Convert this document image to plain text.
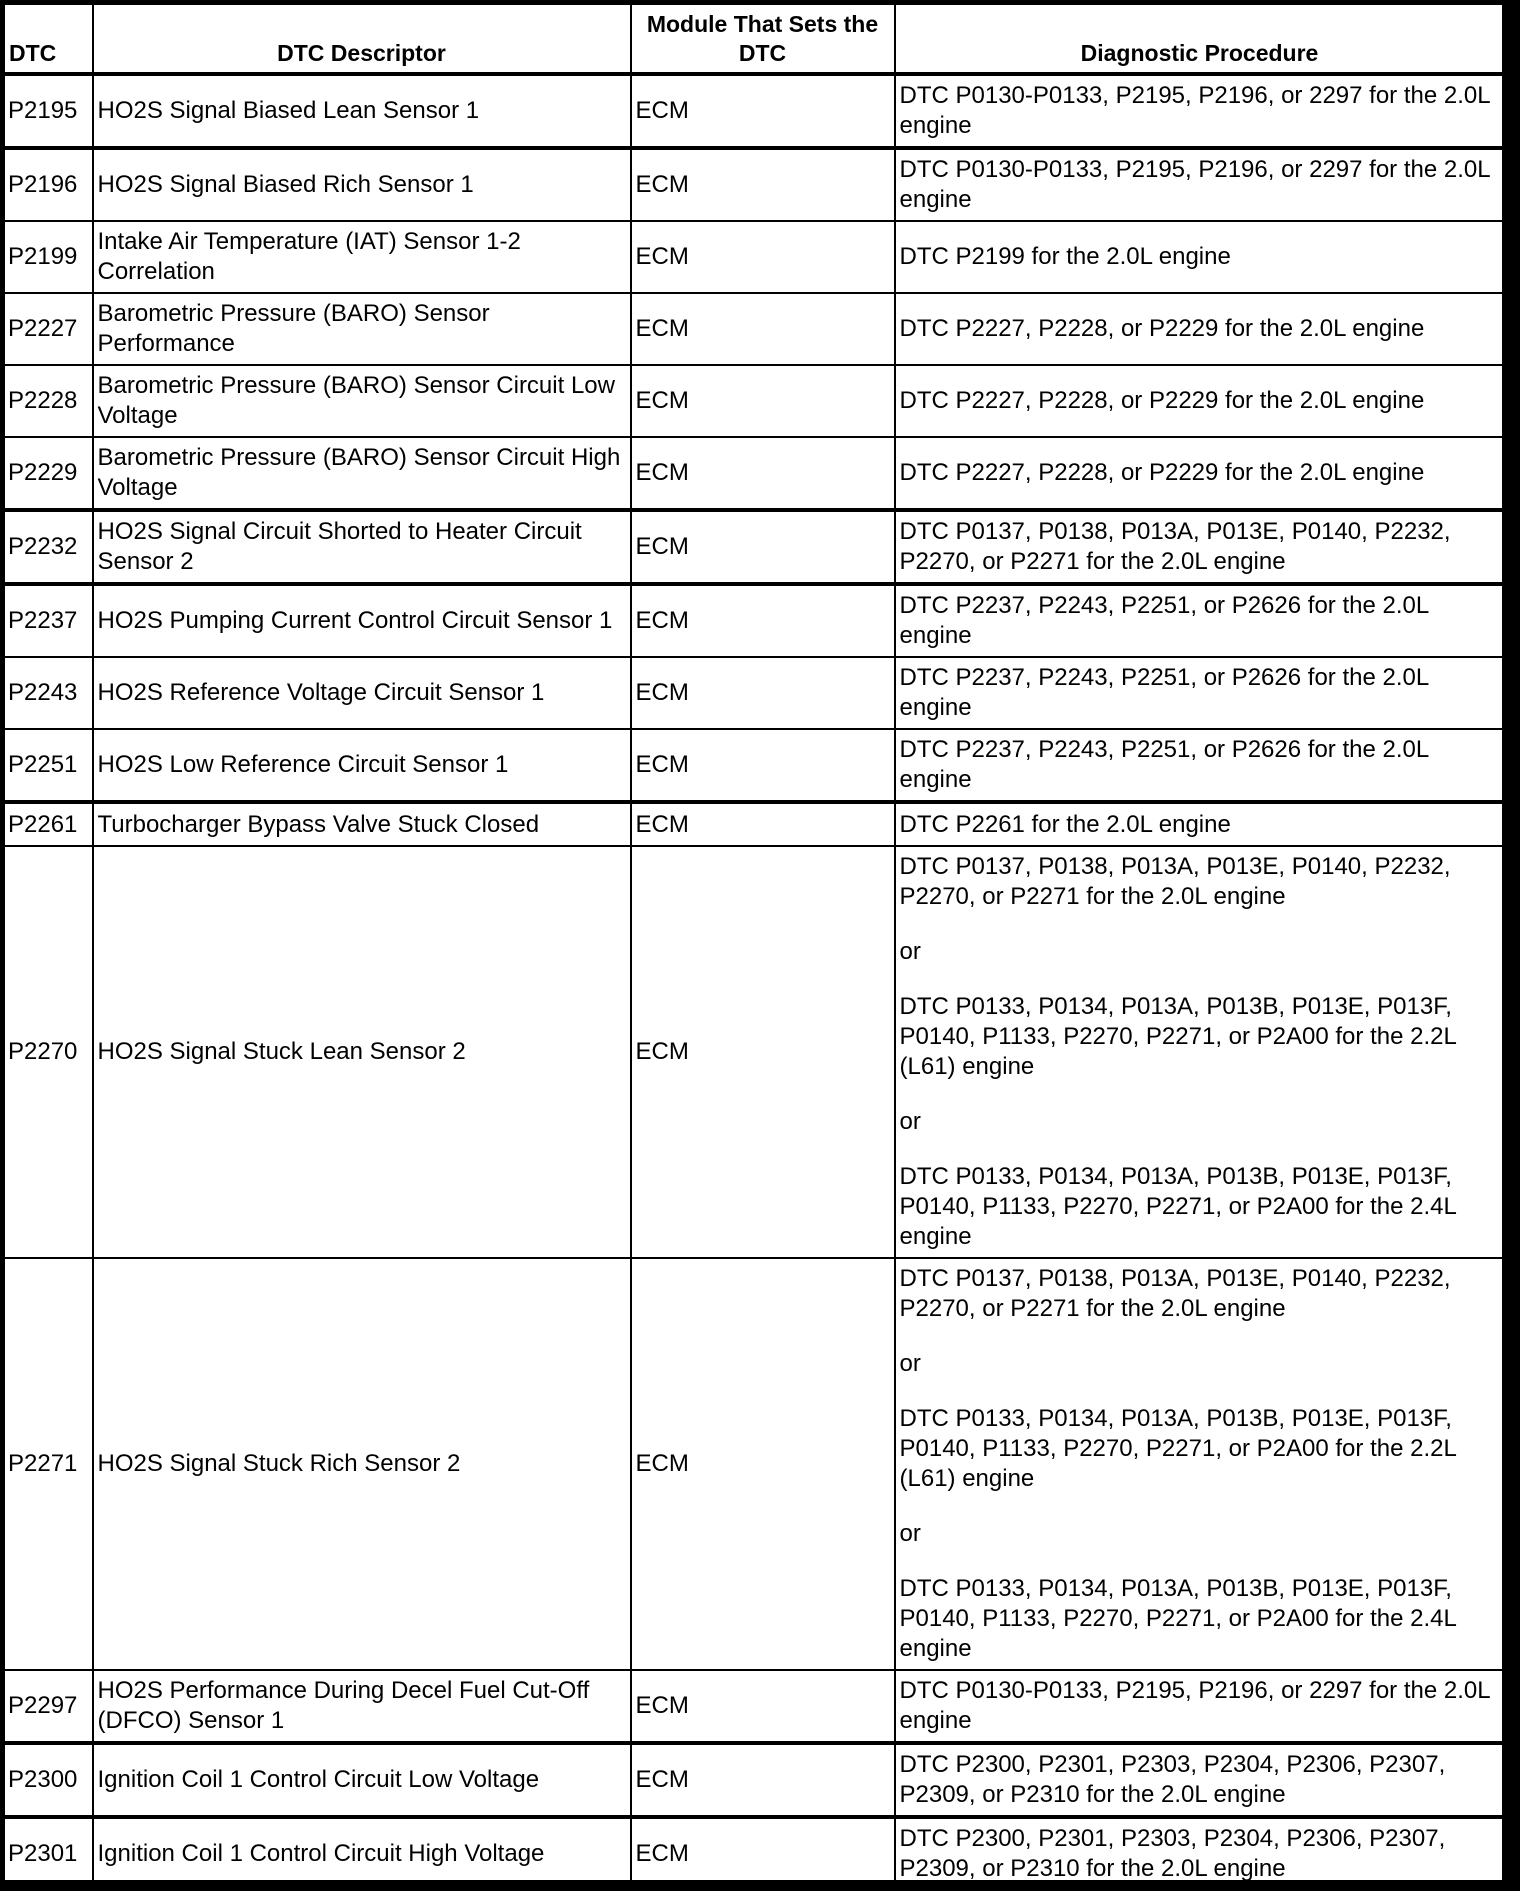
DTC	DTC Descriptor	Module That Sets the DTC	Diagnostic Procedure
P2195	HO2S Signal Biased Lean Sensor 1	ECM	DTC P0130-P0133, P2195, P2196, or 2297 for the 2.0L engine

P2196	HO2S Signal Biased Rich Sensor 1	ECM	DTC P0130-P0133, P2195, P2196, or 2297 for the 2.0L engine

P2199	Intake Air Temperature (IAT) Sensor 1-2 Correlation	ECM	DTC P2199 for the 2.0L engine

P2227	Barometric Pressure (BARO) Sensor Performance	ECM	DTC P2227, P2228, or P2229 for the 2.0L engine

P2228	Barometric Pressure (BARO) Sensor Circuit Low Voltage	ECM	DTC P2227, P2228, or P2229 for the 2.0L engine

P2229	Barometric Pressure (BARO) Sensor Circuit High Voltage	ECM	DTC P2227, P2228, or P2229 for the 2.0L engine

P2232	HO2S Signal Circuit Shorted to Heater Circuit Sensor 2	ECM	DTC P0137, P0138, P013A, P013E, P0140, P2232, P2270, or P2271 for the 2.0L engine

P2237	HO2S Pumping Current Control Circuit Sensor 1	ECM	DTC P2237, P2243, P2251, or P2626 for the 2.0L engine

P2243	HO2S Reference Voltage Circuit Sensor 1	ECM	DTC P2237, P2243, P2251, or P2626 for the 2.0L engine

P2251	HO2S Low Reference Circuit Sensor 1	ECM	DTC P2237, P2243, P2251, or P2626 for the 2.0L engine

P2261	Turbocharger Bypass Valve Stuck Closed	ECM	DTC P2261 for the 2.0L engine

P2270	HO2S Signal Stuck Lean Sensor 2	ECM	DTC P0137, P0138, P013A, P013E, P0140, P2232, P2270, or P2271 for the 2.0L engine

or

DTC P0133, P0134, P013A, P013B, P013E, P013F, P0140, P1133, P2270, P2271, or P2A00 for the 2.2L (L61) engine

or

DTC P0133, P0134, P013A, P013B, P013E, P013F, P0140, P1133, P2270, P2271, or P2A00 for the 2.4L engine

P2271	HO2S Signal Stuck Rich Sensor 2	ECM	DTC P0137, P0138, P013A, P013E, P0140, P2232, P2270, or P2271 for the 2.0L engine

or

DTC P0133, P0134, P013A, P013B, P013E, P013F, P0140, P1133, P2270, P2271, or P2A00 for the 2.2L (L61) engine

or

DTC P0133, P0134, P013A, P013B, P013E, P013F, P0140, P1133, P2270, P2271, or P2A00 for the 2.4L engine

P2297	HO2S Performance During Decel Fuel Cut-Off (DFCO) Sensor 1	ECM	DTC P0130-P0133, P2195, P2196, or 2297 for the 2.0L engine

P2300	Ignition Coil 1 Control Circuit Low Voltage	ECM	DTC P2300, P2301, P2303, P2304, P2306, P2307, P2309, or P2310 for the 2.0L engine

P2301	Ignition Coil 1 Control Circuit High Voltage	ECM	DTC P2300, P2301, P2303, P2304, P2306, P2307, P2309, or P2310 for the 2.0L engine
